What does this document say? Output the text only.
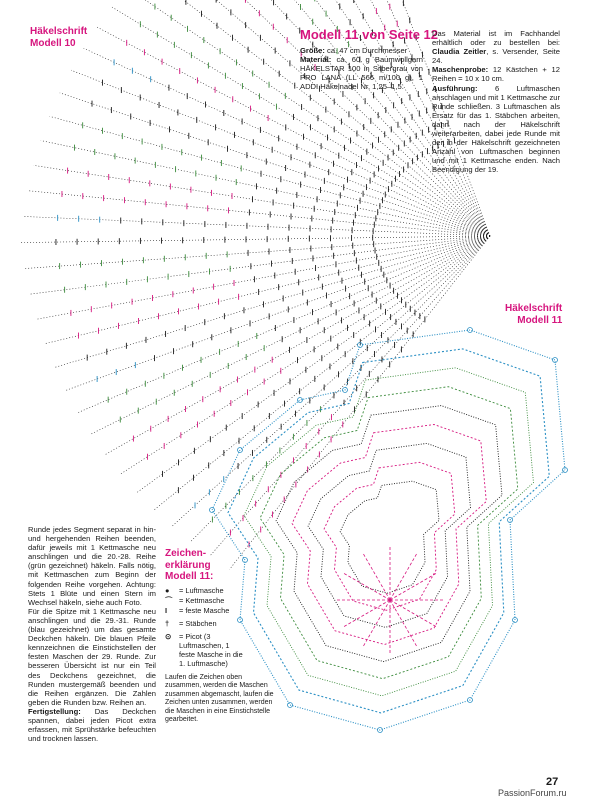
Häkelschrift
Modell 10
Modell 11 von Seite 12
Größe: ca. 47 cm Durchmesser
Material: ca. 60 g Baumwollgarn HÄKELSTAR 100 in Silbergrau von PRO LANA (LL 566 m/100 g), 1 ADDI Häkelnadel Nr. 1,25–1,5.
Das Material ist im Fachhandel erhältlich oder zu bestellen bei: Claudia Zeitler, s. Versender, Seite 24.
Maschenprobe: 12 Kästchen + 12 Reihen = 10 x 10 cm.
Ausführung: 6 Luftmaschen anschlagen und mit 1 Kettmasche zur Runde schließen. 3 Luftmaschen als Ersatz für das 1. Stäbchen arbeiten, dann nach der Häkelschrift weiterarbeiten, dabei jede Runde mit der in der Häkelschrift gezeichneten Anzahl von Luftmaschen beginnen und mit 1 Kettmasche enden. Nach Beendigung der 19.
Häkelschrift
Modell 11
Runde jedes Segment separat in hin- und hergehenden Reihen beenden, dafür jeweils mit 1 Kettmasche neu anschlingen und die 20.-28. Reihe (grün gezeichnet) häkeln. Falls nötig, mit Kettmaschen zum Beginn der folgenden Reihe vorgehen. Achtung: Stets 1 Blüte und einen Stern im Wechsel häkeln, siehe auch Foto.
Für die Spitze mit 1 Kettmasche neu anschlingen und die 29.-31. Runde (blau gezeichnet) um das gesamte Deckchen häkeln. Die blauen Pfeile kennzeichnen die Einstichstellen der festen Maschen der 29. Runde. Zur besseren Übersicht ist nur ein Teil des Deckchens gezeichnet, die Runden mustergemäß beenden und die Reihen ergänzen. Die Zahlen geben die Runden bzw. Reihen an.
Fertigstellung: Das Deckchen spannen, dabei jeden Picot extra erfassen, mit Sprühstärke befeuchten und trocknen lassen.
Zeichen-
erklärung
Modell 11:
●	= Luftmasche
⌒ = Kettmasche
I	= feste Masche
†	= Stäbchen
⊙	= Picot (3 Luftmaschen, 1 feste Masche in die 1. Luftmasche)
Laufen die Zeichen oben zusammen, werden die Maschen zusammen abgemascht, laufen die Zeichen unten zusammen, werden die Maschen in eine Einstichstelle gearbeitet.
27
PassionForum.ru
